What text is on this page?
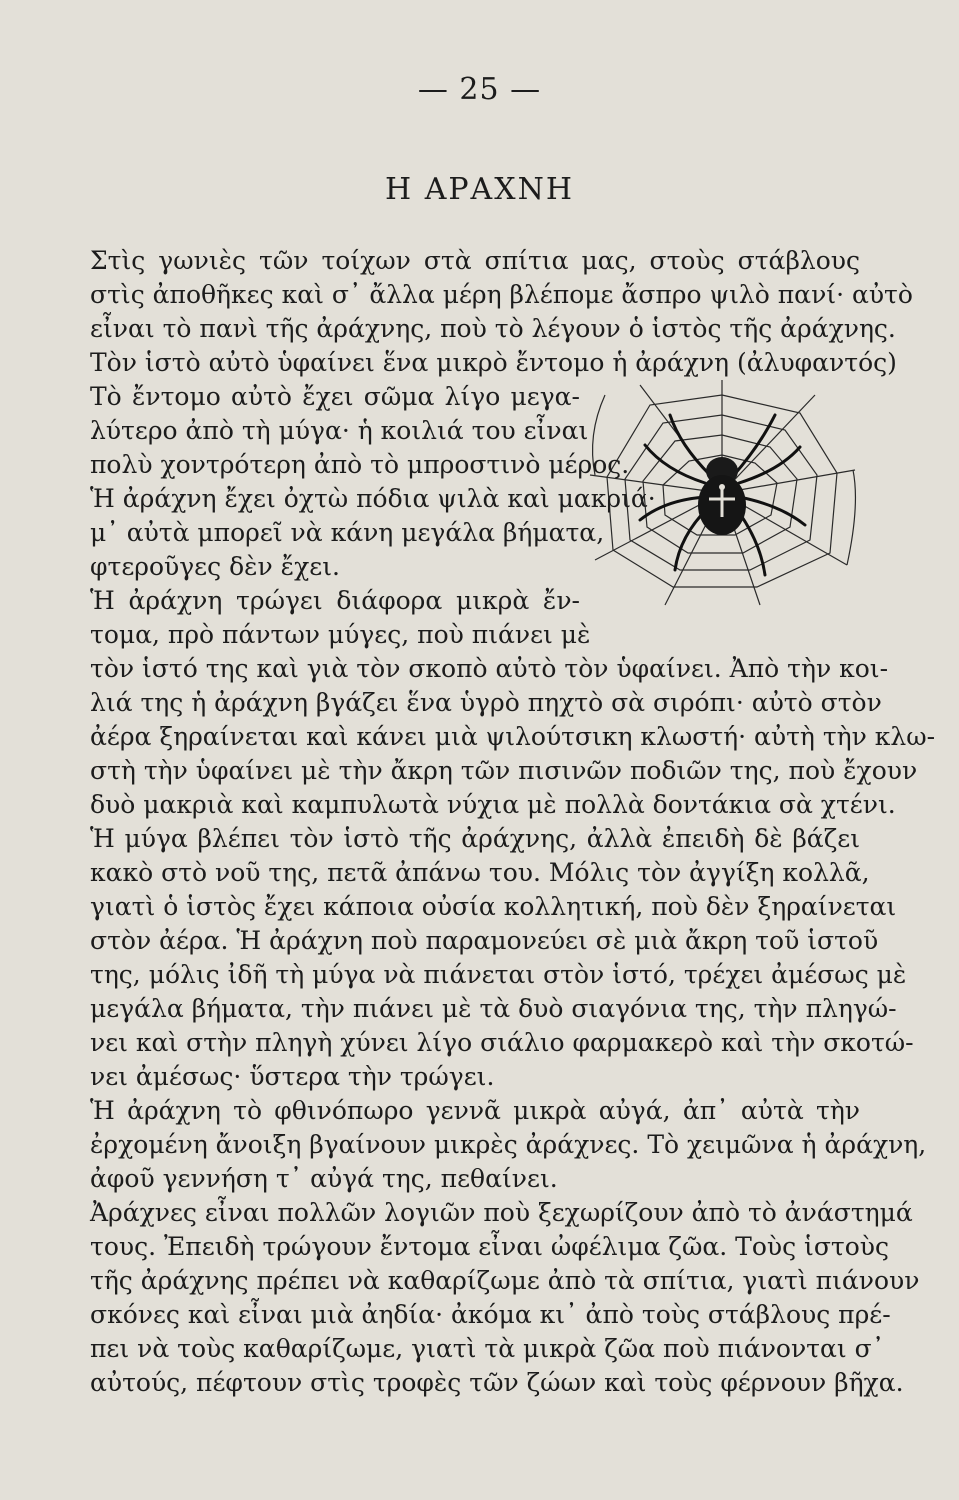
— 25 —
Η ΑΡΑΧΝΗ
Στὶς γωνιὲς τῶν τοίχων στὰ σπίτια μας, στοὺς στάβλους
στὶς ἀποθῆκες καὶ σ᾿ ἄλλα μέρη βλέπομε ἄσπρο ψιλὸ πανί· αὐτὸ
εἶναι τὸ πανὶ τῆς ἀράχνης, ποὺ τὸ λέγουν ὁ ἱστὸς τῆς ἀράχνης.
Τὸν ἱστὸ αὐτὸ ὑφαίνει ἕνα μικρὸ ἔντομο ἡ ἀράχνη (ἀλυφαντός)
Τὸ ἔντομο αὐτὸ ἔχει σῶμα λίγο μεγα-
λύτερο ἀπὸ τὴ μύγα· ἡ κοιλιά του εἶναι
πολὺ χοντρότερη ἀπὸ τὸ μπροστινὸ μέρος.
Ἡ ἀράχνη ἔχει ὀχτὼ πόδια ψιλὰ καὶ μακριά·
μ᾿ αὐτὰ μπορεῖ νὰ κάνη μεγάλα βήματα,
φτεροῦγες δὲν ἔχει.
Ἡ ἀράχνη τρώγει διάφορα μικρὰ ἔν-
τομα, πρὸ πάντων μύγες, ποὺ πιάνει μὲ
τὸν ἱστό της καὶ γιὰ τὸν σκοπὸ αὐτὸ τὸν ὑφαίνει. Ἀπὸ τὴν κοι-
λιά της ἡ ἀράχνη βγάζει ἕνα ὑγρὸ πηχτὸ σὰ σιρόπι· αὐτὸ στὸν
ἀέρα ξηραίνεται καὶ κάνει μιὰ ψιλούτσικη κλωστή· αὐτὴ τὴν κλω-
στὴ τὴν ὑφαίνει μὲ τὴν ἄκρη τῶν πισινῶν ποδιῶν της, ποὺ ἔχουν
δυὸ μακριὰ καὶ καμπυλωτὰ νύχια μὲ πολλὰ δοντάκια σὰ χτένι.
Ἡ μύγα βλέπει τὸν ἱστὸ τῆς ἀράχνης, ἀλλὰ ἐπειδὴ δὲ βάζει
κακὸ στὸ νοῦ της, πετᾶ ἀπάνω του. Μόλις τὸν ἀγγίξη κολλᾶ,
γιατὶ ὁ ἱστὸς ἔχει κάποια οὐσία κολλητική, ποὺ δὲν ξηραίνεται
στὸν ἀέρα. Ἡ ἀράχνη ποὺ παραμονεύει σὲ μιὰ ἄκρη τοῦ ἱστοῦ
της, μόλις ἰδῆ τὴ μύγα νὰ πιάνεται στὸν ἱστό, τρέχει ἀμέσως μὲ
μεγάλα βήματα, τὴν πιάνει μὲ τὰ δυὸ σιαγόνια της, τὴν πληγώ-
νει καὶ στὴν πληγὴ χύνει λίγο σιάλιο φαρμακερὸ καὶ τὴν σκοτώ-
νει ἀμέσως· ὕστερα τὴν τρώγει.
Ἡ ἀράχνη τὸ φθινόπωρο γεννᾶ μικρὰ αὐγά, ἀπ᾿ αὐτὰ τὴν
ἐρχομένη ἄνοιξη βγαίνουν μικρὲς ἀράχνες. Τὸ χειμῶνα ἡ ἀράχνη,
ἀφοῦ γεννήση τ᾿ αὐγά της, πεθαίνει.
Ἀράχνες εἶναι πολλῶν λογιῶν ποὺ ξεχωρίζουν ἀπὸ τὸ ἀνάστημά
τους. Ἐπειδὴ τρώγουν ἔντομα εἶναι ὠφέλιμα ζῶα. Τοὺς ἱστοὺς
τῆς ἀράχνης πρέπει νὰ καθαρίζωμε ἀπὸ τὰ σπίτια, γιατὶ πιάνουν
σκόνες καὶ εἶναι μιὰ ἀηδία· ἀκόμα κι᾿ ἀπὸ τοὺς στάβλους πρέ-
πει νὰ τοὺς καθαρίζωμε, γιατὶ τὰ μικρὰ ζῶα ποὺ πιάνονται σ᾿
αὐτούς, πέφτουν στὶς τροφὲς τῶν ζώων καὶ τοὺς φέρνουν βῆχα.
